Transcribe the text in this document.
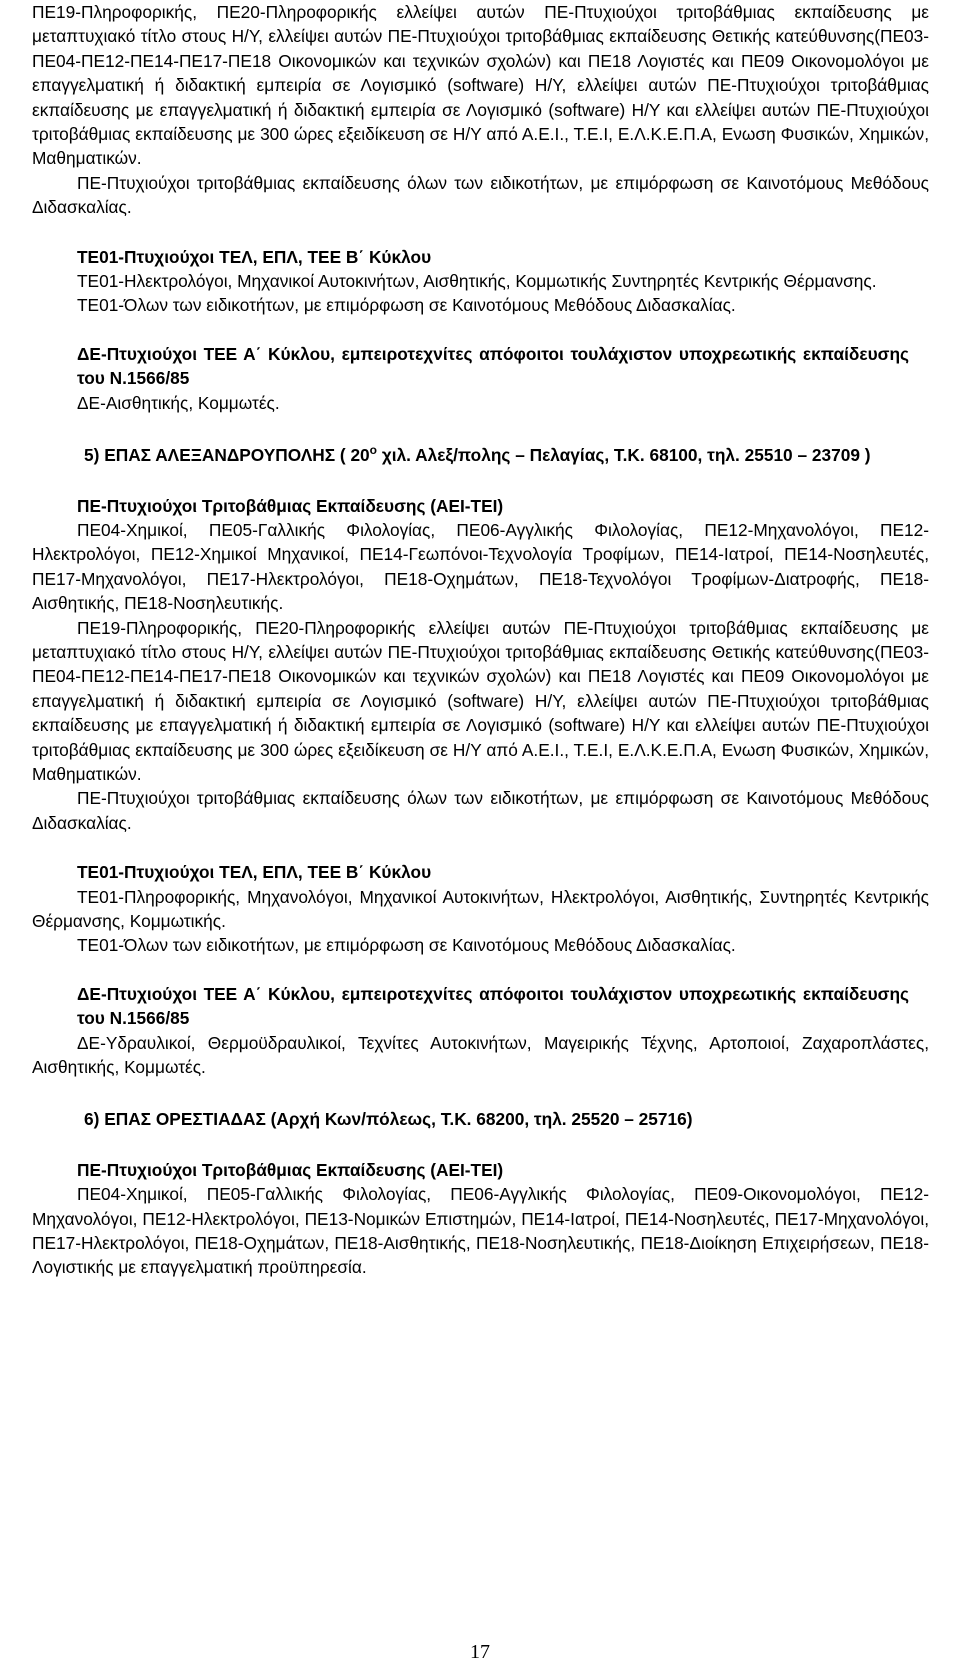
ΠΕ19-Πληροφορικής, ΠΕ20-Πληροφορικής ελλείψει αυτών ΠΕ-Πτυχιούχοι τριτοβάθμιας εκπαίδευσης με μεταπτυχιακό τίτλο στους Η/Υ, ελλείψει αυτών ΠΕ-Πτυχιούχοι τριτοβάθμιας εκπαίδευσης Θετικής κατεύθυνσης(ΠΕ03-ΠΕ04-ΠΕ12-ΠΕ14-ΠΕ17-ΠΕ18 Οικονομικών και τεχνικών σχολών) και ΠΕ18 Λογιστές και ΠΕ09 Οικονομολόγοι με επαγγελματική ή διδακτική εμπειρία σε Λογισμικό (software) Η/Υ, ελλείψει αυτών ΠΕ-Πτυχιούχοι τριτοβάθμιας εκπαίδευσης με επαγγελματική ή διδακτική εμπειρία σε Λογισμικό (software) Η/Υ και ελλείψει αυτών ΠΕ-Πτυχιούχοι τριτοβάθμιας εκπαίδευσης με 300 ώρες εξειδίκευση σε Η/Υ από Α.Ε.Ι., Τ.Ε.Ι, Ε.Λ.Κ.Ε.Π.Α, Ενωση Φυσικών, Χημικών, Μαθηματικών.

ΠΕ-Πτυχιούχοι τριτοβάθμιας εκπαίδευσης όλων των ειδικοτήτων, με επιμόρφωση σε Καινοτόμους Μεθόδους Διδασκαλίας.

ΤΕ01-Πτυχιούχοι ΤΕΛ, ΕΠΛ, ΤΕΕ Β΄ Κύκλου

ΤΕ01-Ηλεκτρολόγοι, Μηχανικοί Αυτοκινήτων, Αισθητικής, Κομμωτικής Συντηρητές Κεντρικής Θέρμανσης.

ΤΕ01-Όλων των ειδικοτήτων, με επιμόρφωση σε Καινοτόμους Μεθόδους Διδασκαλίας.

ΔΕ-Πτυχιούχοι ΤΕΕ Α΄ Κύκλου, εμπειροτεχνίτες απόφοιτοι τουλάχιστον υποχρεωτικής εκπαίδευσης του Ν.1566/85

ΔΕ-Αισθητικής, Κομμωτές.

5) ΕΠΑΣ ΑΛΕΞΑΝΔΡΟΥΠΟΛΗΣ ( $20^o$ χιλ. Αλεξ/πολης – Πελαγίας, Τ.Κ. 68100, τηλ. 25510 – 23709 )

ΠΕ-Πτυχιούχοι Τριτοβάθμιας Εκπαίδευσης (ΑΕΙ-ΤΕΙ)

ΠΕ04-Χημικοί, ΠΕ05-Γαλλικής Φιλολογίας, ΠΕ06-Αγγλικής Φιλολογίας, ΠΕ12-Μηχανολόγοι, ΠΕ12-Ηλεκτρολόγοι, ΠΕ12-Χημικοί Μηχανικοί, ΠΕ14-Γεωπόνοι-Τεχνολογία Τροφίμων, ΠΕ14-Ιατροί, ΠΕ14-Νοσηλευτές, ΠΕ17-Μηχανολόγοι, ΠΕ17-Ηλεκτρολόγοι, ΠΕ18-Οχημάτων, ΠΕ18-Τεχνολόγοι Τροφίμων-Διατροφής, ΠΕ18-Αισθητικής, ΠΕ18-Νοσηλευτικής.

ΠΕ19-Πληροφορικής, ΠΕ20-Πληροφορικής ελλείψει αυτών ΠΕ-Πτυχιούχοι τριτοβάθμιας εκπαίδευσης με μεταπτυχιακό τίτλο στους Η/Υ, ελλείψει αυτών ΠΕ-Πτυχιούχοι τριτοβάθμιας εκπαίδευσης Θετικής κατεύθυνσης(ΠΕ03-ΠΕ04-ΠΕ12-ΠΕ14-ΠΕ17-ΠΕ18 Οικονομικών και τεχνικών σχολών) και ΠΕ18 Λογιστές και ΠΕ09 Οικονομολόγοι με επαγγελματική ή διδακτική εμπειρία σε Λογισμικό (software) Η/Υ, ελλείψει αυτών ΠΕ-Πτυχιούχοι τριτοβάθμιας εκπαίδευσης με επαγγελματική ή διδακτική εμπειρία σε Λογισμικό (software) Η/Υ και ελλείψει αυτών ΠΕ-Πτυχιούχοι τριτοβάθμιας εκπαίδευσης με 300 ώρες εξειδίκευση σε Η/Υ από Α.Ε.Ι., Τ.Ε.Ι, Ε.Λ.Κ.Ε.Π.Α, Ενωση Φυσικών, Χημικών, Μαθηματικών.

ΠΕ-Πτυχιούχοι τριτοβάθμιας εκπαίδευσης όλων των ειδικοτήτων, με επιμόρφωση σε Καινοτόμους Μεθόδους Διδασκαλίας.

ΤΕ01-Πτυχιούχοι ΤΕΛ, ΕΠΛ, ΤΕΕ Β΄ Κύκλου

ΤΕ01-Πληροφορικής, Μηχανολόγοι, Μηχανικοί Αυτοκινήτων, Ηλεκτρολόγοι, Αισθητικής, Συντηρητές Κεντρικής Θέρμανσης, Κομμωτικής.

ΤΕ01-Όλων των ειδικοτήτων, με επιμόρφωση σε Καινοτόμους Μεθόδους Διδασκαλίας.

ΔΕ-Πτυχιούχοι ΤΕΕ Α΄ Κύκλου, εμπειροτεχνίτες απόφοιτοι τουλάχιστον υποχρεωτικής εκπαίδευσης του Ν.1566/85

ΔΕ-Υδραυλικοί, Θερμοϋδραυλικοί, Τεχνίτες Αυτοκινήτων, Μαγειρικής Τέχνης, Αρτοποιοί, Ζαχαροπλάστες, Αισθητικής, Κομμωτές.

6) ΕΠΑΣ ΟΡΕΣΤΙΑΔΑΣ (Αρχή Κων/πόλεως, Τ.Κ. 68200, τηλ. 25520 – 25716)

ΠΕ-Πτυχιούχοι Τριτοβάθμιας Εκπαίδευσης (ΑΕΙ-ΤΕΙ)

ΠΕ04-Χημικοί, ΠΕ05-Γαλλικής Φιλολογίας, ΠΕ06-Αγγλικής Φιλολογίας, ΠΕ09-Οικονομολόγοι, ΠΕ12-Μηχανολόγοι, ΠΕ12-Ηλεκτρολόγοι, ΠΕ13-Νομικών Επιστημών, ΠΕ14-Ιατροί, ΠΕ14-Νοσηλευτές, ΠΕ17-Μηχανολόγοι, ΠΕ17-Ηλεκτρολόγοι, ΠΕ18-Οχημάτων, ΠΕ18-Αισθητικής, ΠΕ18-Νοσηλευτικής, ΠΕ18-Διοίκηση Επιχειρήσεων, ΠΕ18-Λογιστικής με επαγγελματική προϋπηρεσία.

17
